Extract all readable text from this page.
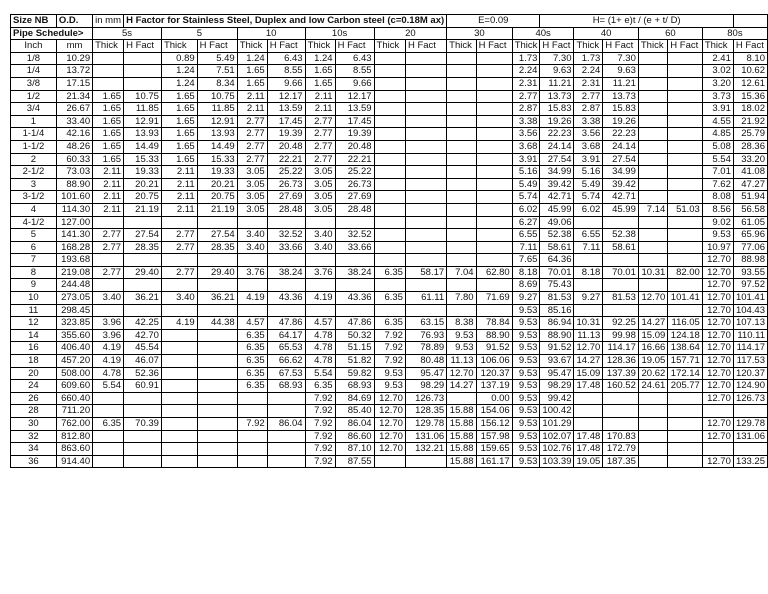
Size NB	O.D.	in mm	H Factor for Stainless Steel, Duplex and low Carbon steel (c=0.18M ax)									E=0.09			H= (1+ e)t / (e + t/ D)						
Pipe Schedule>		5s		5		10		10s		20		30		40s		40		60		80s	
Inch	mm	Thick	H Fact	Thick	H Fact	Thick	H Fact	Thick	H Fact	Thick	H Fact	Thick	H Fact	Thick	H Fact	Thick	H Fact	Thick	H Fact	Thick	H Fact
1/8	10.29			0.89	5.49	1.24	6.43	1.24	6.43					1.73	7.30	1.73	7.30			2.41	8.10
1/4	13.72			1.24	7.51	1.65	8.55	1.65	8.55					2.24	9.63	2.24	9.63			3.02	10.62
3/8	17.15			1.24	8.34	1.65	9.66	1.65	9.66					2.31	11.21	2.31	11.21			3.20	12.61
1/2	21.34	1.65	10.75	1.65	10.75	2.11	12.17	2.11	12.17					2.77	13.73	2.77	13.73			3.73	15.36
3/4	26.67	1.65	11.85	1.65	11.85	2.11	13.59	2.11	13.59					2.87	15.83	2.87	15.83			3.91	18.02
1	33.40	1.65	12.91	1.65	12.91	2.77	17.45	2.77	17.45					3.38	19.26	3.38	19.26			4.55	21.92
1-1/4	42.16	1.65	13.93	1.65	13.93	2.77	19.39	2.77	19.39					3.56	22.23	3.56	22.23			4.85	25.79
1-1/2	48.26	1.65	14.49	1.65	14.49	2.77	20.48	2.77	20.48					3.68	24.14	3.68	24.14			5.08	28.36
2	60.33	1.65	15.33	1.65	15.33	2.77	22.21	2.77	22.21					3.91	27.54	3.91	27.54			5.54	33.20
2-1/2	73.03	2.11	19.33	2.11	19.33	3.05	25.22	3.05	25.22					5.16	34.99	5.16	34.99			7.01	41.08
3	88.90	2.11	20.21	2.11	20.21	3.05	26.73	3.05	26.73					5.49	39.42	5.49	39.42			7.62	47.27
3-1/2	101.60	2.11	20.75	2.11	20.75	3.05	27.69	3.05	27.69					5.74	42.71	5.74	42.71			8.08	51.94
4	114.30	2.11	21.19	2.11	21.19	3.05	28.48	3.05	28.48					6.02	45.99	6.02	45.99	7.14	51.03	8.56	56.58
4-1/2	127.00													6.27	49.06					9.02	61.05
5	141.30	2.77	27.54	2.77	27.54	3.40	32.52	3.40	32.52					6.55	52.38	6.55	52.38			9.53	65.96
6	168.28	2.77	28.35	2.77	28.35	3.40	33.66	3.40	33.66					7.11	58.61	7.11	58.61			10.97	77.06
7	193.68													7.65	64.36					12.70	88.98
8	219.08	2.77	29.40	2.77	29.40	3.76	38.24	3.76	38.24	6.35	58.17	7.04	62.80	8.18	70.01	8.18	70.01	10.31	82.00	12.70	93.55
9	244.48													8.69	75.43					12.70	97.52
10	273.05	3.40	36.21	3.40	36.21	4.19	43.36	4.19	43.36	6.35	61.11	7.80	71.69	9.27	81.53	9.27	81.53	12.70	101.41	12.70	101.41
11	298.45													9.53	85.16					12.70	104.43
12	323.85	3.96	42.25	4.19	44.38	4.57	47.86	4.57	47.86	6.35	63.15	8.38	78.84	9.53	86.94	10.31	92.25	14.27	116.05	12.70	107.13
14	355.60	3.96	42.70			6.35	64.17	4.78	50.32	7.92	76.93	9.53	88.90	9.53	88.90	11.13	99.98	15.09	124.18	12.70	110.11
16	406.40	4.19	45.54			6.35	65.53	4.78	51.15	7.92	78.89	9.53	91.52	9.53	91.52	12.70	114.17	16.66	138.64	12.70	114.17
18	457.20	4.19	46.07			6.35	66.62	4.78	51.82	7.92	80.48	11.13	106.06	9.53	93.67	14.27	128.36	19.05	157.71	12.70	117.53
20	508.00	4.78	52.36			6.35	67.53	5.54	59.82	9.53	95.47	12.70	120.37	9.53	95.47	15.09	137.39	20.62	172.14	12.70	120.37
24	609.60	5.54	60.91			6.35	68.93	6.35	68.93	9.53	98.29	14.27	137.19	9.53	98.29	17.48	160.52	24.61	205.77	12.70	124.90
26	660.40							7.92	84.69	12.70	126.73		0.00	9.53	99.42					12.70	126.73
28	711.20							7.92	85.40	12.70	128.35	15.88	154.06	9.53	100.42						
30	762.00	6.35	70.39			7.92	86.04	7.92	86.04	12.70	129.78	15.88	156.12	9.53	101.29					12.70	129.78
32	812.80							7.92	86.60	12.70	131.06	15.88	157.98	9.53	102.07	17.48	170.83			12.70	131.06
34	863.60							7.92	87.10	12.70	132.21	15.88	159.65	9.53	102.76	17.48	172.79				
36	914.40							7.92	87.55			15.88	161.17	9.53	103.39	19.05	187.35			12.70	133.25
